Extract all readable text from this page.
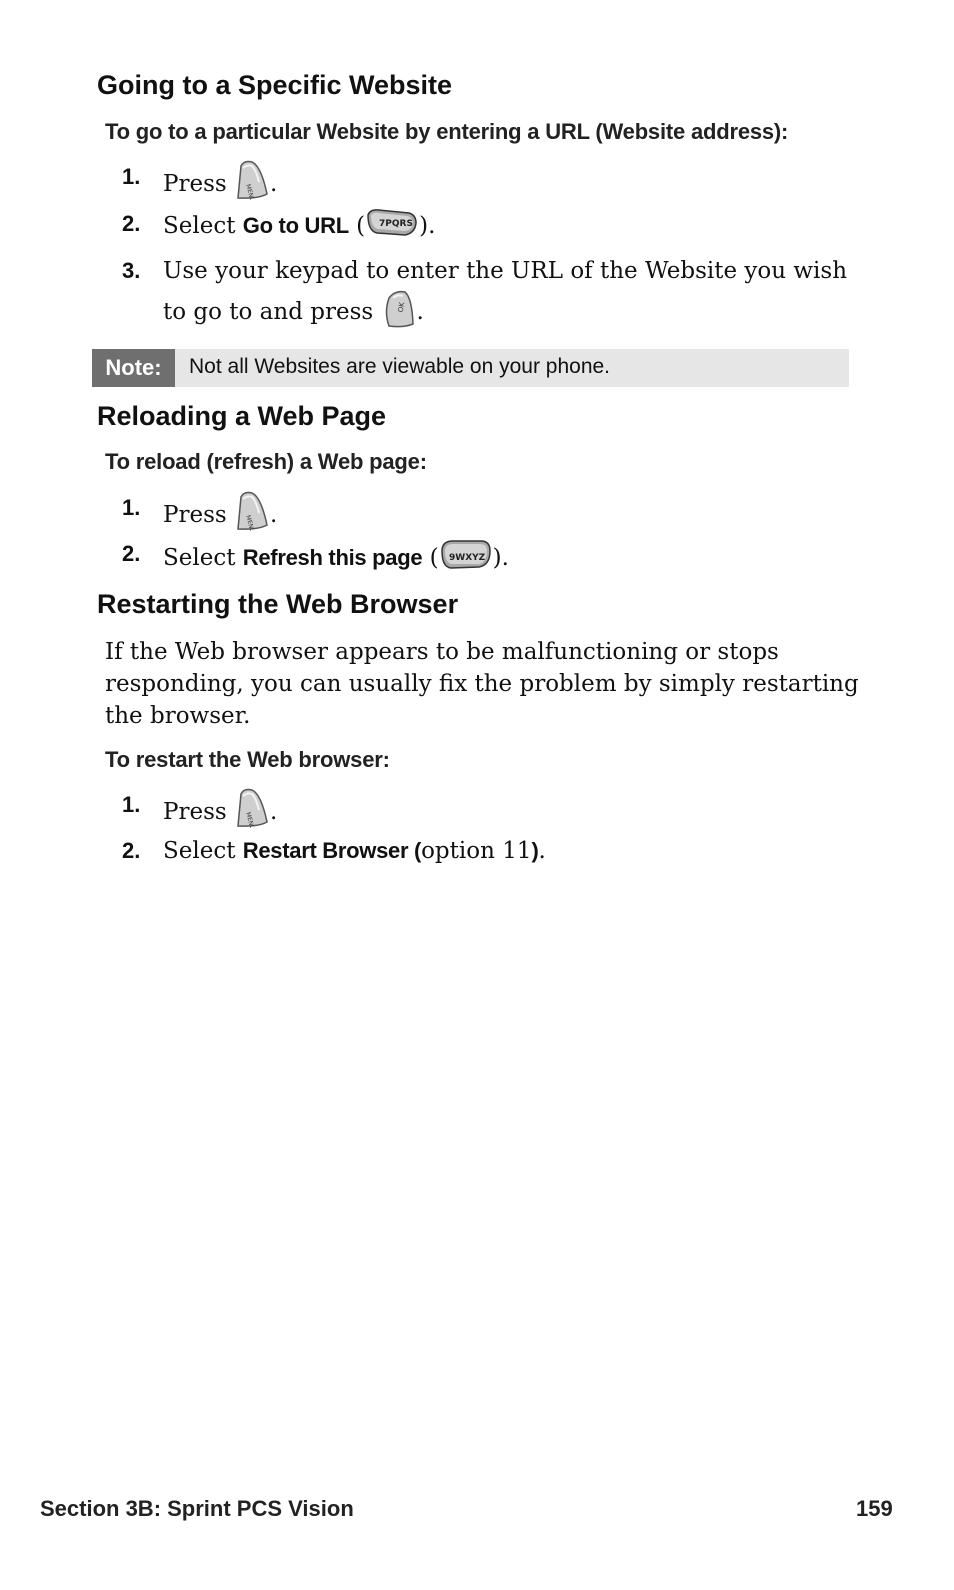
Going to a Specific Website

To go to a particular Website by entering a URL (Website address):

1. Press	MENU .
2. Select Go to URL ( 7PQRS ).
3. Use your keypad to enter the URL of the Website you wish to go to and press	OK .
Note:	Not all Websites are viewable on your phone.
Reloading a Web Page

To reload (refresh) a Web page:

1. Press	MENU .
2. Select Refresh this page ( 9WXYZ ).
Restarting the Web Browser

If the Web browser appears to be malfunctioning or stops responding, you can usually fix the problem by simply restarting the browser.

To restart the Web browser:

1. Press	MENU .
2. Select Restart Browser (option 11).
Section 3B: Sprint PCS Vision	159
